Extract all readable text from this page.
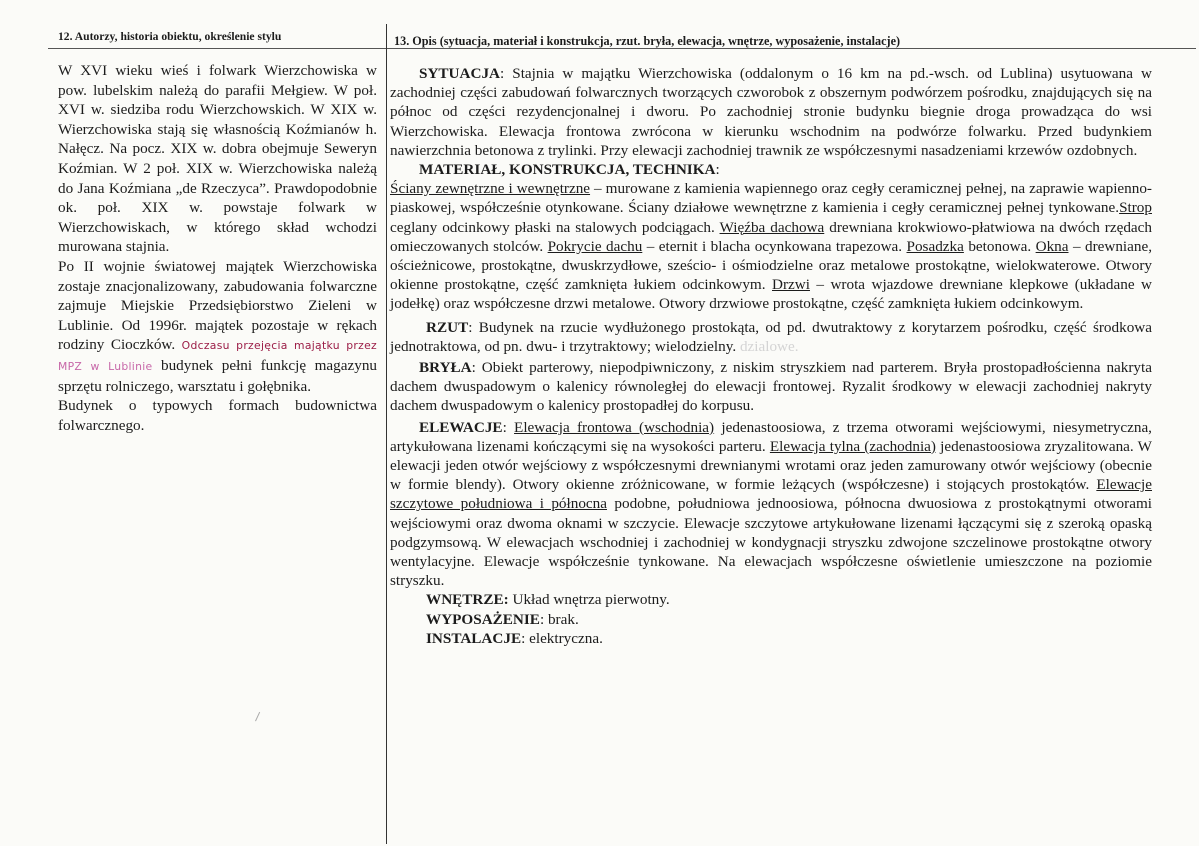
12. Autorzy, historia obiektu, określenie stylu	13. Opis (sytuacja, materiał i konstrukcja, rzut. bryła, elewacja, wnętrze, wyposażenie, instalacje)

W XVI wieku wieś i folwark Wierzchowiska w pow. lubelskim należą do parafii Mełgiew. W poł. XVI w. siedziba rodu Wierzchowskich. W XIX w. Wierzchowiska stają się własnością Koźmianów h. Nałęcz. Na pocz. XIX w. dobra obejmuje Seweryn Koźmian. W 2 poł. XIX w. Wierzchowiska należą do Jana Koźmiana „de Rzeczyca”. Prawdopodobnie ok. poł. XIX w. powstaje folwark w Wierzchowiskach, w którego skład wchodzi murowana stajnia.

Po II wojnie światowej majątek Wierzchowiska zostaje znacjonalizowany, zabudowania folwarczne zajmuje Miejskie Przedsiębiorstwo Zieleni w Lublinie. Od 1996r. majątek pozostaje w rękach rodziny Cioczków. Odczasu przejęcia majątku przez MPZ w Lublinie budynek pełni funkcję magazynu sprzętu rolniczego, warsztatu i gołębnika.

Budynek o typowych formach budownictwa folwarcznego.

SYTUACJA: Stajnia w majątku Wierzchowiska (oddalonym o 16 km na pd.-wsch. od Lublina) usytuowana w zachodniej części zabudowań folwarcznych tworzących czworobok z obszernym podwórzem pośrodku, znajdujących się na północ od części rezydencjonalnej i dworu. Po zachodniej stronie budynku biegnie droga prowadząca do wsi Wierzchowiska. Elewacja frontowa zwrócona w kierunku wschodnim na podwórze folwarku. Przed budynkiem nawierzchnia betonowa z trylinki. Przy elewacji zachodniej trawnik ze współczesnymi nasadzeniami krzewów ozdobnych.

MATERIAŁ, KONSTRUKCJA, TECHNIKA:

Ściany zewnętrzne i wewnętrzne – murowane z kamienia wapiennego oraz cegły ceramicznej pełnej, na zaprawie wapienno-piaskowej, współcześnie otynkowane. Ściany działowe wewnętrzne z kamienia i cegły ceramicznej pełnej tynkowane.Strop ceglany odcinkowy płaski na stalowych podciągach. Więźba dachowa drewniana krokwiowo-płatwiowa na dwóch rzędach omieczowanych stolców. Pokrycie dachu – eternit i blacha ocynkowana trapezowa. Posadzka betonowa. Okna – drewniane, ościeżnicowe, prostokątne, dwuskrzydłowe, sześcio- i ośmiodzielne oraz metalowe prostokątne, wielokwaterowe. Otwory okienne prostokątne, część zamknięta łukiem odcinkowym. Drzwi – wrota wjazdowe drewniane klepkowe (układane w jodełkę) oraz współczesne drzwi metalowe. Otwory drzwiowe prostokątne, część zamknięta łukiem odcinkowym.

RZUT: Budynek na rzucie wydłużonego prostokąta, od pd. dwutraktowy z korytarzem pośrodku, część środkowa jednotraktowa, od pn. dwu- i trzytraktowy; wielodzielny. dzialowe.

BRYŁA: Obiekt parterowy, niepodpiwniczony, z niskim stryszkiem nad parterem. Bryła prostopadłościenna nakryta dachem dwuspadowym o kalenicy równoległej do elewacji frontowej. Ryzalit środkowy w elewacji zachodniej nakryty dachem dwuspadowym o kalenicy prostopadłej do korpusu.

ELEWACJE: Elewacja frontowa (wschodnia) jedenastoosiowa, z trzema otworami wejściowymi, niesymetryczna, artykułowana lizenami kończącymi się na wysokości parteru. Elewacja tylna (zachodnia) jedenastoosiowa zryzalitowana. W elewacji jeden otwór wejściowy z współczesnymi drewnianymi wrotami oraz jeden zamurowany otwór wejściowy (obecnie w formie blendy). Otwory okienne zróżnicowane, w formie leżących (współczesne) i stojących prostokątów. Elewacje szczytowe południowa i północna podobne, południowa jednoosiowa, północna dwuosiowa z prostokątnymi otworami wejściowymi oraz dwoma oknami w szczycie. Elewacje szczytowe artykułowane lizenami łączącymi się z szeroką opaską podgzymsową. W elewacjach wschodniej i zachodniej w kondygnacji stryszku zdwojone szczelinowe prostokątne otwory wentylacyjne. Elewacje współcześnie tynkowane. Na elewacjach współczesne oświetlenie umieszczone na poziomie stryszku.

WNĘTRZE: Układ wnętrza pierwotny.

WYPOSAŻENIE: brak.

INSTALACJE: elektryczna.
